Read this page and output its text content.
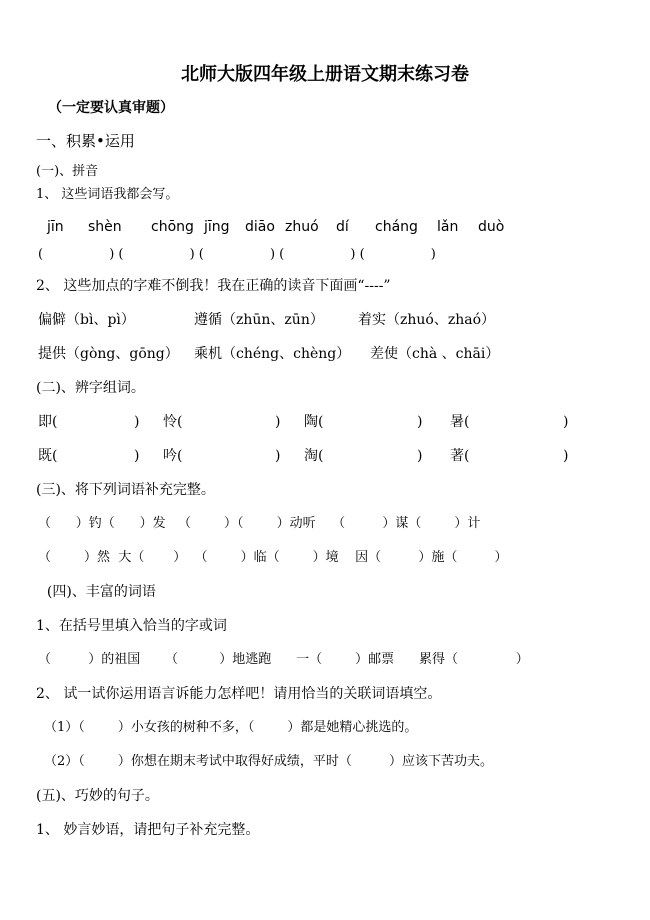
北师大版四年级上册语文期末练习卷
（一定要认真审题）
一、积累•运用
(一)、拼音
1、 这些词语我都会写。
jīn shèn chōng jīng diāo zhuó dí cháng lǎn duò
(                ) (                ) (                ) (                ) (                )
2、 这些加点的字难不倒我！我在正确的读音下面画“----”
偏僻（bì、pì）	遵循（zhūn、zūn） 着实（zhuó、zhaó）
提供（gòng、gōng） 乘机（chéng、chèng） 差使（chà 、chāi）
(二)、辨字组词。
即(	) 怜(	) 陶(	) 暑(	)
既(	) 吟(	) 淘(	) 著(	)
(三)、将下列词语补充完整。
（      ）钓（      ）发   （        ）（        ）动听    （         ）谋（        ）计
（        ）然  大（       ）  （        ）临（        ）境    因（         ）施（         ）
(四)、丰富的词语
1、在括号里填入恰当的字或词
（         ）的祖国      （          ）地逃跑      一（        ）邮票      累得（              ）
2、 试一试你运用语言诉能力怎样吧！请用恰当的关联词语填空。
（1）（        ）小女孩的树种不多，（        ）都是她精心挑选的。
（2）（        ）你想在期末考试中取得好成绩，平时（         ）应该下苦功夫。
(五)、巧妙的句子。
1、 妙言妙语，请把句子补充完整。
